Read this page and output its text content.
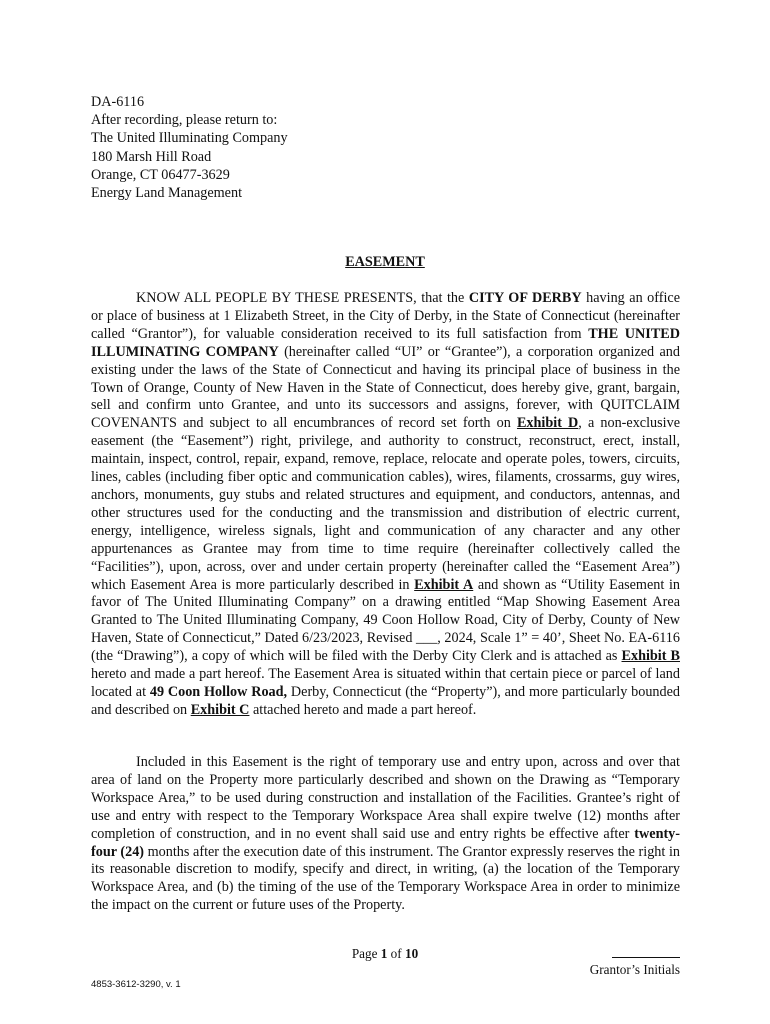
DA-6116
After recording, please return to:
The United Illuminating Company
180 Marsh Hill Road
Orange, CT 06477-3629
Energy Land Management
EASEMENT

KNOW ALL PEOPLE BY THESE PRESENTS, that the CITY OF DERBY having an office or place of business at 1 Elizabeth Street, in the City of Derby, in the State of Connecticut (hereinafter called “Grantor”), for valuable consideration received to its full satisfaction from THE UNITED ILLUMINATING COMPANY (hereinafter called “UI” or “Grantee”), a corporation organized and existing under the laws of the State of Connecticut and having its principal place of business in the Town of Orange, County of New Haven in the State of Connecticut, does hereby give, grant, bargain, sell and confirm unto Grantee, and unto its successors and assigns, forever, with QUITCLAIM COVENANTS and subject to all encumbrances of record set forth on Exhibit D, a non-exclusive easement (the “Easement”) right, privilege, and authority to construct, reconstruct, erect, install, maintain, inspect, control, repair, expand, remove, replace, relocate and operate poles, towers, circuits, lines, cables (including fiber optic and communication cables), wires, filaments, crossarms, guy wires, anchors, monuments, guy stubs and related structures and equipment, and conductors, antennas, and other structures used for the conducting and the transmission and distribution of electric current, energy, intelligence, wireless signals, light and communication of any character and any other appurtenances as Grantee may from time to time require (hereinafter collectively called the “Facilities”), upon, across, over and under certain property (hereinafter called the “Easement Area”) which Easement Area is more particularly described in Exhibit A and shown as “Utility Easement in favor of The United Illuminating Company” on a drawing entitled “Map Showing Easement Area Granted to The United Illuminating Company, 49 Coon Hollow Road, City of Derby, County of New Haven, State of Connecticut,” Dated 6/23/2023, Revised ___, 2024, Scale 1” = 40’, Sheet No. EA-6116 (the “Drawing”), a copy of which will be filed with the Derby City Clerk and is attached as Exhibit B hereto and made a part hereof. The Easement Area is situated within that certain piece or parcel of land located at 49 Coon Hollow Road, Derby, Connecticut (the “Property”), and more particularly bounded and described on Exhibit C attached hereto and made a part hereof.

Included in this Easement is the right of temporary use and entry upon, across and over that area of land on the Property more particularly described and shown on the Drawing as “Temporary Workspace Area,” to be used during construction and installation of the Facilities. Grantee’s right of use and entry with respect to the Temporary Workspace Area shall expire twelve (12) months after completion of construction, and in no event shall said use and entry rights be effective after twenty-four (24) months after the execution date of this instrument. The Grantor expressly reserves the right in its reasonable discretion to modify, specify and direct, in writing, (a) the location of the Temporary Workspace Area, and (b) the timing of the use of the Temporary Workspace Area in order to minimize the impact on the current or future uses of the Property.

Page 1 of 10
Grantor’s Initials
4853-3612-3290, v. 1
